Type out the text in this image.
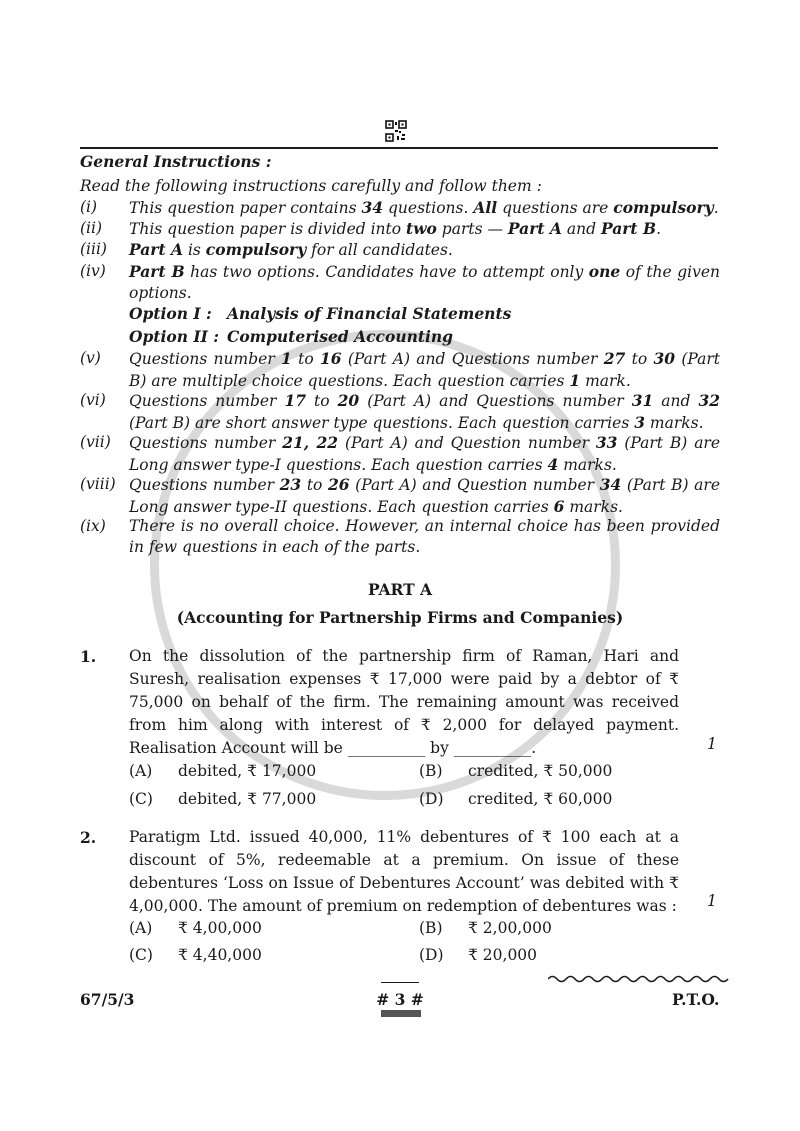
General Instructions :
Read the following instructions carefully and follow them :
(i)	This question paper contains 34 questions. All questions are compulsory.
(ii)	This question paper is divided into two parts — Part A and Part B.
(iii)	Part A is compulsory for all candidates.
(iv)	Part B has two options. Candidates have to attempt only one of the given options.
Option I : Analysis of Financial Statements
Option II : Computerised Accounting
(v)	Questions number 1 to 16 (Part A) and Questions number 27 to 30 (Part B) are multiple choice questions. Each question carries 1 mark.
(vi)	Questions number 17 to 20 (Part A) and Questions number 31 and 32 (Part B) are short answer type questions. Each question carries 3 marks.
(vii)	Questions number 21, 22 (Part A) and Question number 33 (Part B) are Long answer type-I questions. Each question carries 4 marks.
(viii) Questions number 23 to 26 (Part A) and Question number 34 (Part B) are Long answer type-II questions. Each question carries 6 marks.
(ix)	There is no overall choice. However, an internal choice has been provided in few questions in each of the parts.
PART A
(Accounting for Partnership Firms and Companies)
1. On the dissolution of the partnership firm of Raman, Hari and Suresh, realisation expenses ₹ 17,000 were paid by a debtor of ₹ 75,000 on behalf of the firm. The remaining amount was received from him along with interest of ₹ 2,000 for delayed payment. Realisation Account will be __________ by __________.	1
(A) debited, ₹ 17,000	(B) credited, ₹ 50,000
(C) debited, ₹ 77,000	(D) credited, ₹ 60,000
2. Paratigm Ltd. issued 40,000, 11% debentures of ₹ 100 each at a discount of 5%, redeemable at a premium. On issue of these debentures ‘Loss on Issue of Debentures Account’ was debited with ₹ 4,00,000. The amount of premium on redemption of debentures was : 1
(A) ₹ 4,00,000	(B) ₹ 2,00,000
(C) ₹ 4,40,000	(D) ₹ 20,000
67/5/3	# 3 #	P.T.O.
